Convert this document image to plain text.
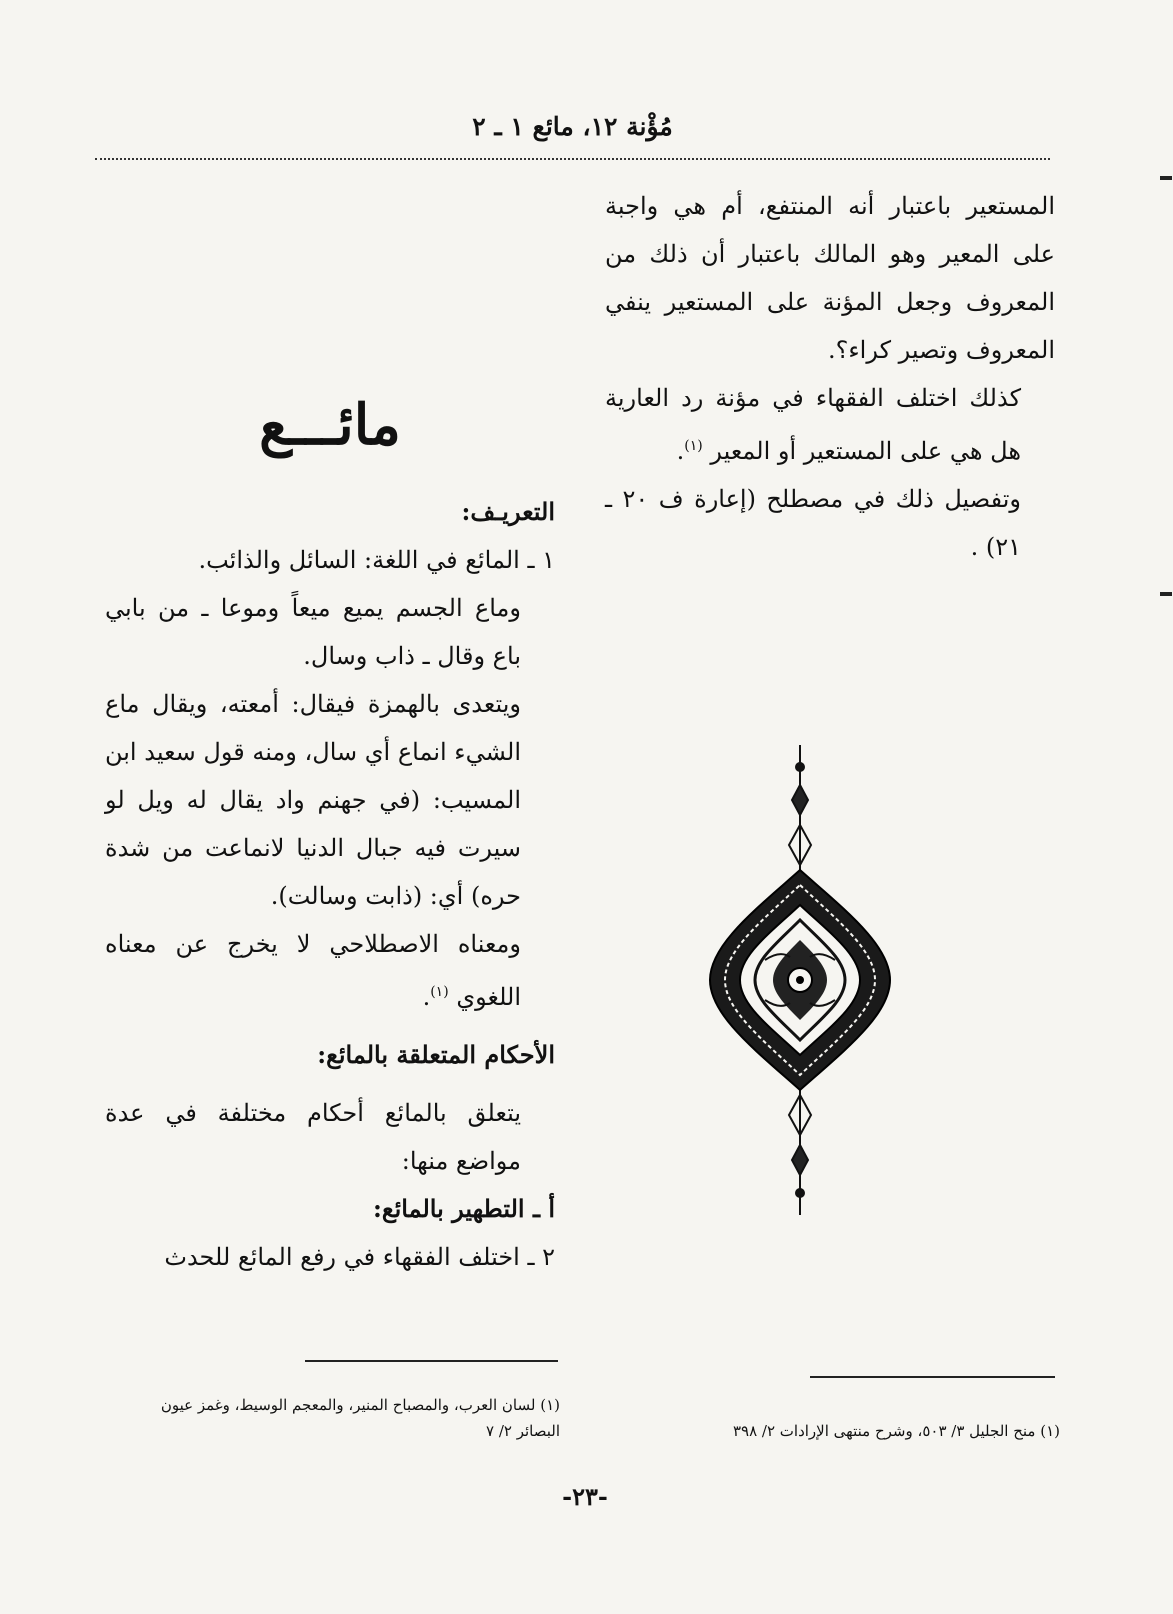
مُؤْنة ١٢، مائع ١ ـ ٢

المستعير باعتبار أنه المنتفع، أم هي واجبة على المعير وهو المالك باعتبار أن ذلك من المعروف وجعل المؤنة على المستعير ينفي المعروف وتصير كراء؟.

كذلك اختلف الفقهاء في مؤنة رد العارية هل هي على المستعير أو المعير $^{(١)}$.

وتفصيل ذلك في مصطلح (إعارة ف ٢٠ ـ ٢١) .

مائـــع

التعريـف:

١ ـ المائع في اللغة: السائل والذائب.

وماع الجسم يميع ميعاً وموعا ـ من بابي باع وقال ـ ذاب وسال.

ويتعدى بالهمزة فيقال: أمعته، ويقال ماع الشيء انماع أي سال، ومنه قول سعيد ابن المسيب: (في جهنم واد يقال له ويل لو سيرت فيه جبال الدنيا لانماعت من شدة حره) أي: (ذابت وسالت).

ومعناه الاصطلاحي لا يخرج عن معناه اللغوي $^{(١)}$.

الأحكام المتعلقة بالمائع:

يتعلق بالمائع أحكام مختلفة في عدة مواضع منها:

أ ـ التطهير بالمائع:

٢ ـ اختلف الفقهاء في رفع المائع للحدث

(١) منح الجليل ٣/ ٥٠٣، وشرح منتهى الإرادات ٢/ ٣٩٨
(١) لسان العرب، والمصباح المنير، والمعجم الوسيط، وغمز عيون البصائر ٢/ ٧
-٢٣-
